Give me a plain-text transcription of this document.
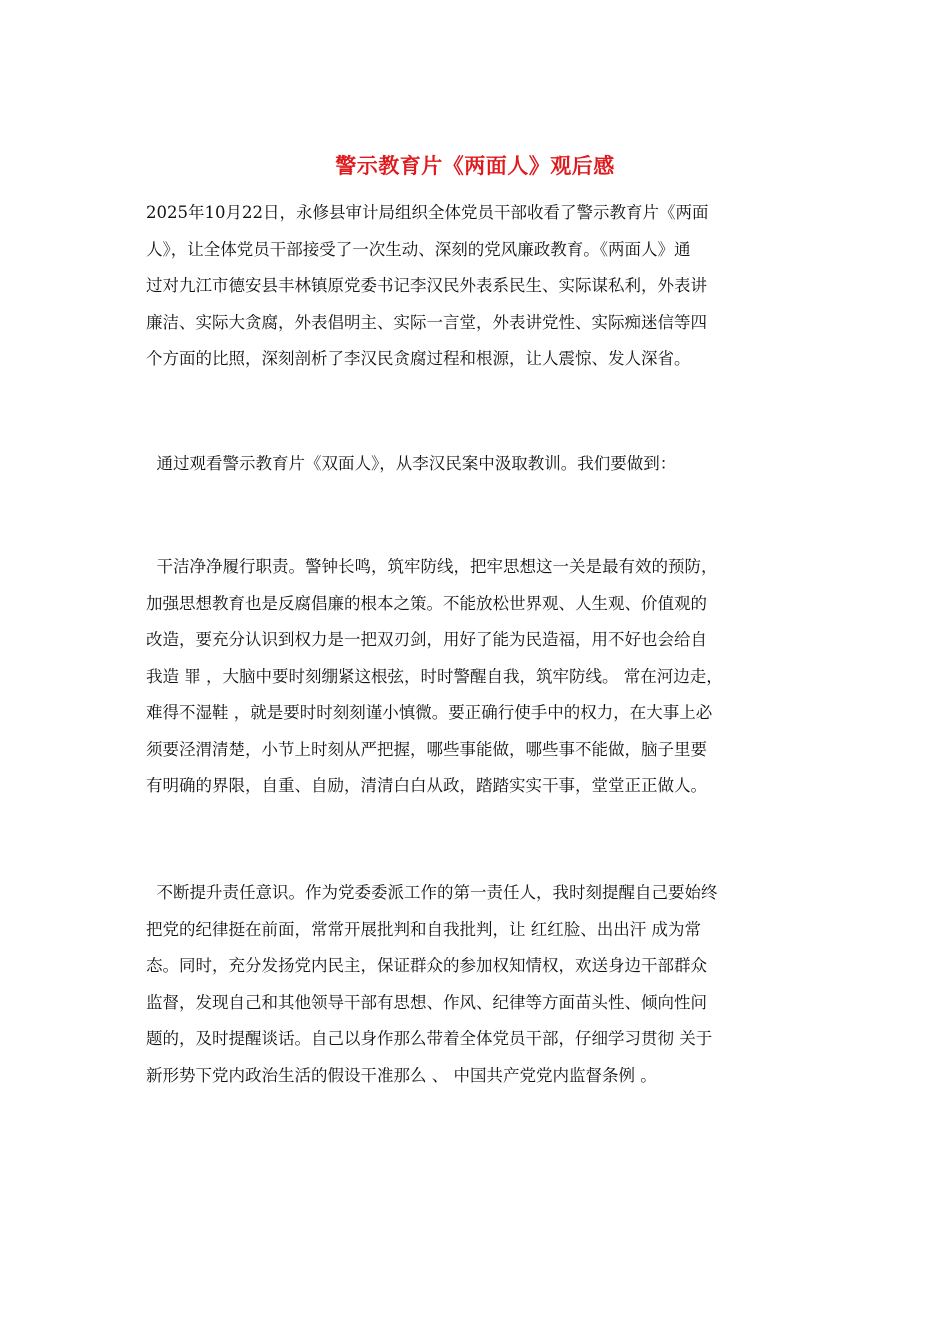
警示教育片《两面人》观后感
2025年10月22日，永修县审计局组织全体党员干部收看了警示教育片《两面
人》，让全体党员干部接受了一次生动、深刻的党风廉政教育。《两面人》通
过对九江市德安县丰林镇原党委书记李汉民外表系民生、实际谋私利，外表讲
廉洁、实际大贪腐，外表倡明主、实际一言堂，外表讲党性、实际痴迷信等四
个方面的比照，深刻剖析了李汉民贪腐过程和根源，让人震惊、发人深省。
通过观看警示教育片《双面人》，从李汉民案中汲取教训。我们要做到：
干洁净净履行职责。警钟长鸣，筑牢防线，把牢思想这一关是最有效的预防，
加强思想教育也是反腐倡廉的根本之策。不能放松世界观、人生观、价值观的
改造，要充分认识到权力是一把双刃剑，用好了能为民造福，用不好也会给自
我造 罪 ，大脑中要时刻绷紧这根弦，时时警醒自我，筑牢防线。 常在河边走，
难得不湿鞋 ，就是要时时刻刻谨小慎微。要正确行使手中的权力，在大事上必
须要泾渭清楚，小节上时刻从严把握，哪些事能做，哪些事不能做，脑子里要
有明确的界限，自重、自励，清清白白从政，踏踏实实干事，堂堂正正做人。
不断提升责任意识。作为党委委派工作的第一责任人，我时刻提醒自己要始终
把党的纪律挺在前面，常常开展批判和自我批判，让 红红脸、出出汗 成为常
态。同时，充分发扬党内民主，保证群众的参加权知情权，欢送身边干部群众
监督，发现自己和其他领导干部有思想、作风、纪律等方面苗头性、倾向性问
题的，及时提醒谈话。自己以身作那么带着全体党员干部，仔细学习贯彻 关于
新形势下党内政治生活的假设干准那么 、 中国共产党党内监督条例 。
